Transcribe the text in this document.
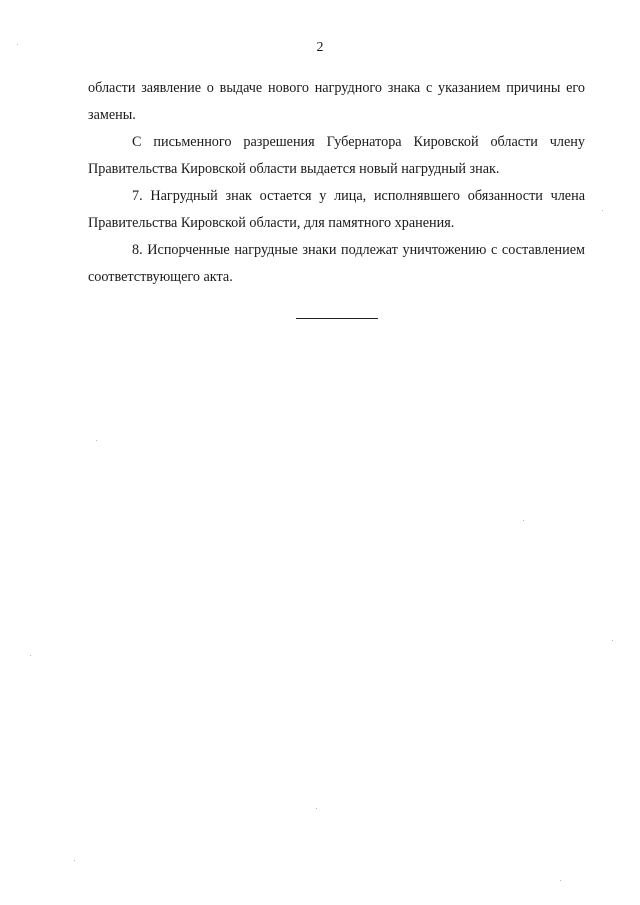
2

области заявление о выдаче нового нагрудного знака с указанием причины его замены.

С письменного разрешения Губернатора Кировской области члену Правительства Кировской области выдается новый нагрудный знак.

7. Нагрудный знак остается у лица, исполнявшего обязанности члена Правительства Кировской области, для памятного хранения.

8. Испорченные нагрудные знаки подлежат уничтожению с составлением соответствующего акта.
